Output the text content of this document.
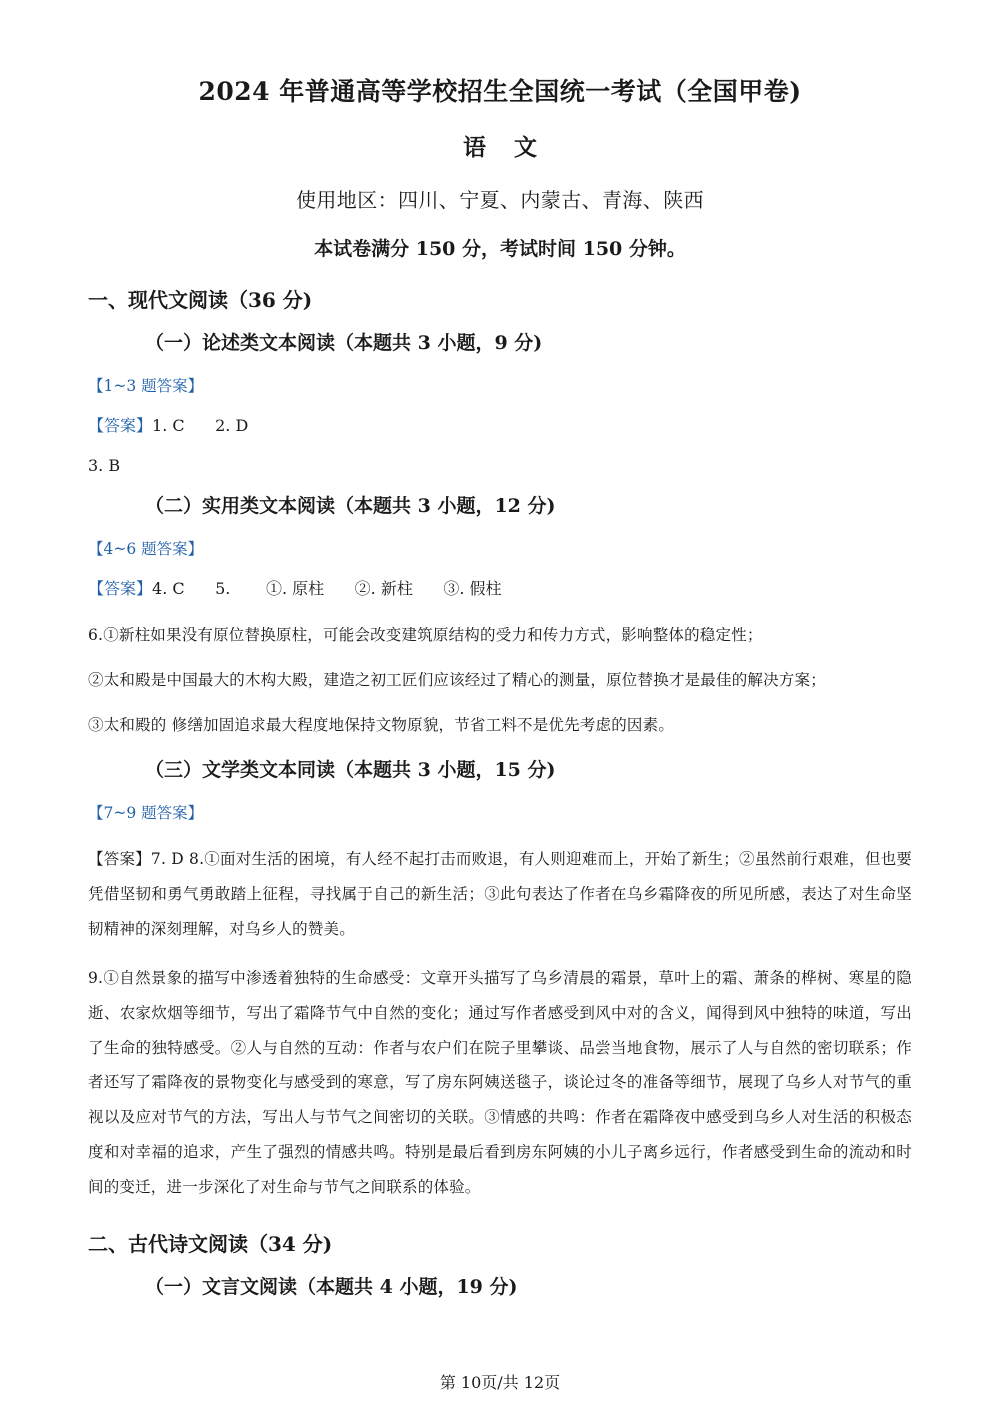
2024 年普通高等学校招生全国统一考试（全国甲卷)

语 文

使用地区：四川、宁夏、内蒙古、青海、陕西

本试卷满分 150 分，考试时间 150 分钟。

一、现代文阅读（36 分)

（一）论述类文本阅读（本题共 3 小题，9 分)

【1~3 题答案】

【答案】1. C      2. D

3. B

（二）实用类文本阅读（本题共 3 小题，12 分)

【4~6 题答案】

【答案】4. C      5.       ①. 原柱      ②. 新柱      ③. 假柱

6.①新柱如果没有原位替换原柱，可能会改变建筑原结构的受力和传力方式，影响整体的稳定性；

②太和殿是中国最大的木构大殿，建造之初工匠们应该经过了精心的测量，原位替换才是最佳的解决方案；

③太和殿的 修缮加固追求最大程度地保持文物原貌，节省工料不是优先考虑的因素。

（三）文学类文本同读（本题共 3 小题，15 分)

【7~9 题答案】

【答案】7. D 8.①面对生活的困境，有人经不起打击而败退，有人则迎难而上，开始了新生；②虽然前行艰难，但也要凭借坚韧和勇气勇敢踏上征程，寻找属于自己的新生活；③此句表达了作者在乌乡霜降夜的所见所感，表达了对生命坚韧精神的深刻理解，对乌乡人的赞美。

9.①自然景象的描写中渗透着独特的生命感受：文章开头描写了乌乡清晨的霜景，草叶上的霜、萧条的桦树、寒星的隐逝、农家炊烟等细节，写出了霜降节气中自然的变化；通过写作者感受到风中对的含义，闻得到风中独特的味道，写出了生命的独特感受。②人与自然的互动：作者与农户们在院子里攀谈、品尝当地食物，展示了人与自然的密切联系；作者还写了霜降夜的景物变化与感受到的寒意，写了房东阿姨送毯子，谈论过冬的准备等细节，展现了乌乡人对节气的重视以及应对节气的方法，写出人与节气之间密切的关联。③情感的共鸣：作者在霜降夜中感受到乌乡人对生活的积极态度和对幸福的追求，产生了强烈的情感共鸣。特别是最后看到房东阿姨的小儿子离乡远行，作者感受到生命的流动和时间的变迁，进一步深化了对生命与节气之间联系的体验。

二、古代诗文阅读（34 分)

（一）文言文阅读（本题共 4 小题，19 分)

第 10页/共 12页
